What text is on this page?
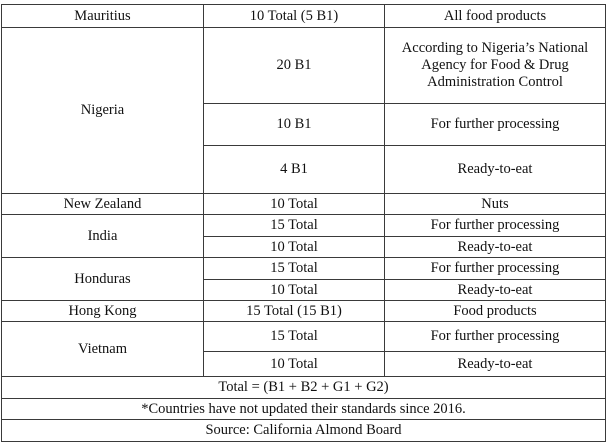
Mauritius	10 Total (5 B1)	All food products
Nigeria	20 B1	According to Nigeria’s National Agency for Food & Drug Administration Control
	10 B1	For further processing
	4 B1	Ready-to-eat
New Zealand	10 Total	Nuts
India	15 Total	For further processing
	10 Total	Ready-to-eat
Honduras	15 Total	For further processing
	10 Total	Ready-to-eat
Hong Kong	15 Total (15 B1)	Food products
Vietnam	15 Total	For further processing
	10 Total	Ready-to-eat
Total = (B1 + B2 + G1 + G2)		
*Countries have not updated their standards since 2016.		
Source: California Almond Board		
